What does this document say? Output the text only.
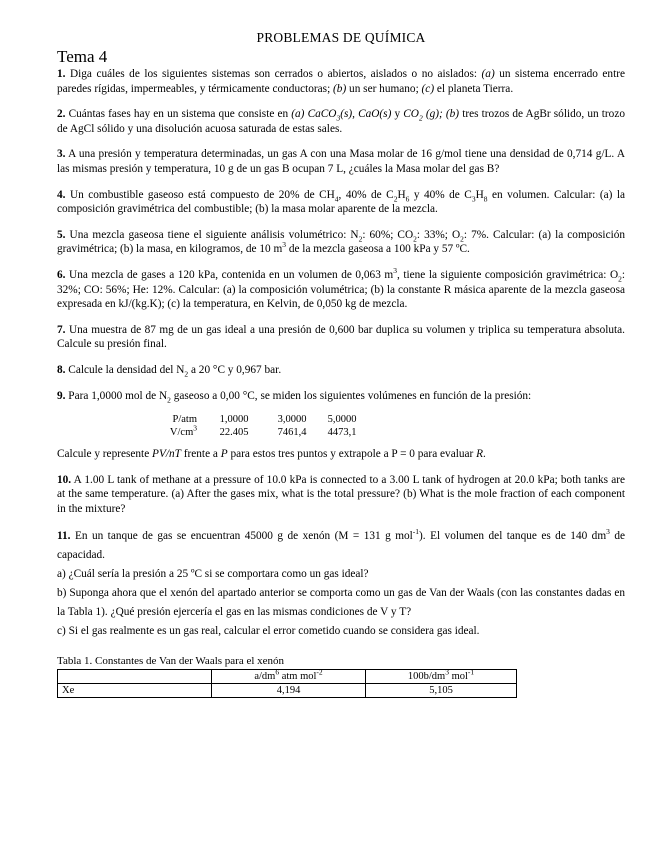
PROBLEMAS DE QUÍMICA
Tema 4

1. Diga cuáles de los siguientes sistemas son cerrados o abiertos, aislados o no aislados: (a) un sistema encerrado entre paredes rígidas, impermeables, y térmicamente conductoras; (b) un ser humano; (c) el planeta Tierra.

2. Cuántas fases hay en un sistema que consiste en (a) CaCO$_3$(s), CaO(s) y $CO_2$ (g); (b) tres trozos de AgBr sólido, un trozo de AgCl sólido y una disolución acuosa saturada de estas sales.

3. A una presión y temperatura determinadas, un gas A con una Masa molar de 16 g/mol tiene una densidad de 0,714 g/L. A las mismas presión y temperatura, 10 g de un gas B ocupan 7 L, ¿cuáles la Masa molar del gas B?

4. Un combustible gaseoso está compuesto de 20% de $CH_4$, 40% de $C_2H_6$ y 40% de $C_3H_8$ en volumen. Calcular: (a) la composición gravimétrica del combustible; (b) la masa molar aparente de la mezcla.

5. Una mezcla gaseosa tiene el siguiente análisis volumétrico: $N_2$: 60%; $CO_2$: 33%; $O_2$: 7%. Calcular: (a) la composición gravimétrica; (b) la masa, en kilogramos, de 10 $m^3$ de la mezcla gaseosa a 100 kPa y 57 ºC.

6. Una mezcla de gases a 120 kPa, contenida en un volumen de 0,063 $m^3$, tiene la siguiente composición gravimétrica: $O_2$: 32%; CO: 56%; He: 12%. Calcular: (a) la composición volumétrica; (b) la constante R másica aparente de la mezcla gaseosa expresada en kJ/(kg.K); (c) la temperatura, en Kelvin, de 0,050 kg de mezcla.

7. Una muestra de 87 mg de un gas ideal a una presión de 0,600 bar duplica su volumen y triplica su temperatura absoluta. Calcule su presión final.

8. Calcule la densidad del $N_2$ a 20 °C y 0,967 bar.

9. Para 1,0000 mol de $N_2$ gaseoso a 0,00 °C, se miden los siguientes volúmenes en función de la presión:

P/atm	1,0000	3,0000	5,0000
$V/cm^3$	22.405	7461,4	4473,1

Calcule y represente PV/nT frente a P para estos tres puntos y extrapole a P = 0 para evaluar R.

10. A 1.00 L tank of methane at a pressure of 10.0 kPa is connected to a 3.00 L tank of hydrogen at 20.0 kPa; both tanks are at the same temperature. (a) After the gases mix, what is the total pressure? (b) What is the mole fraction of each component in the mixture?

11. En un tanque de gas se encuentran 45000 g de xenón (M = 131 g mol$^{-1}$). El volumen del tanque es de 140 $dm^3$ de capacidad.

a) ¿Cuál sería la presión a 25 ºC si se comportara como un gas ideal?

b) Suponga ahora que el xenón del apartado anterior se comporta como un gas de Van der Waals (con las constantes dadas en la Tabla 1). ¿Qué presión ejercería el gas en las mismas condiciones de V y T?

c) Si el gas realmente es un gas real, calcular el error cometido cuando se considera gas ideal.

Tabla 1. Constantes de Van der Waals para el xenón
	$a/dm^6$ atm mol$^{-2}$	$100b/dm^3$ mol$^{-1}$
Xe	4,194	5,105
